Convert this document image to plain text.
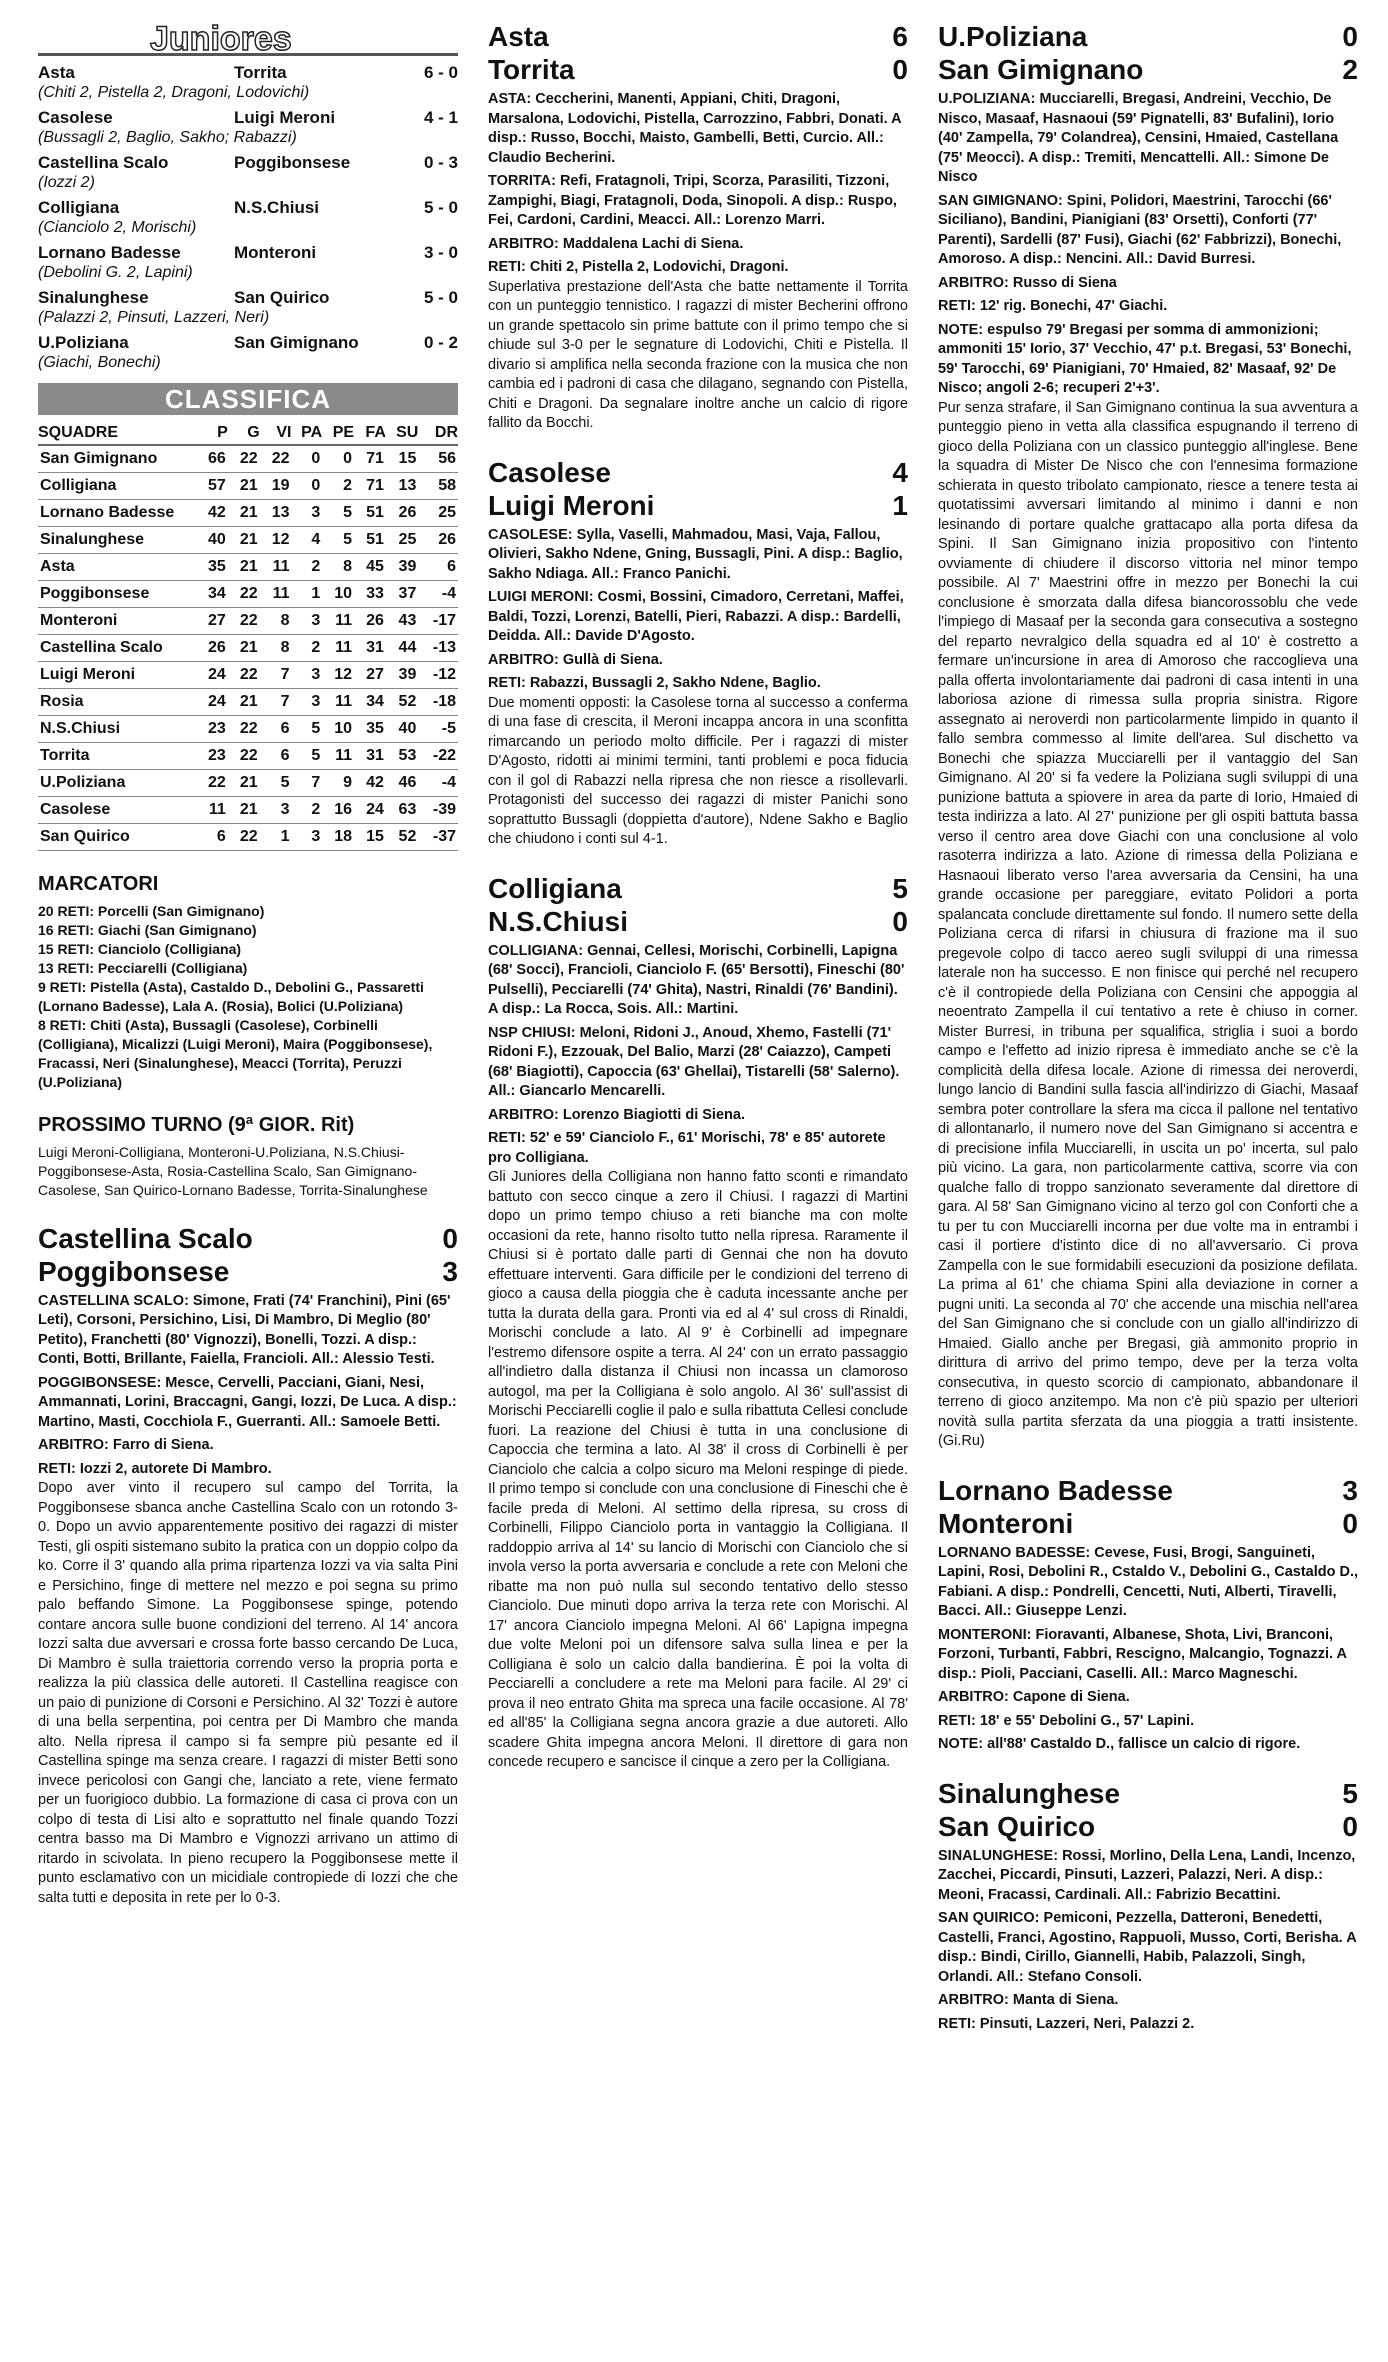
Juniores
Asta	Torrita	6 - 0
(Chiti 2, Pistella 2, Dragoni, Lodovichi)
Casolese	Luigi Meroni	4 - 1
(Bussagli 2, Baglio, Sakho; Rabazzi)
Castellina Scalo	Poggibonsese	0 - 3
(Iozzi 2)
Colligiana	N.S.Chiusi	5 - 0
(Cianciolo 2, Morischi)
Lornano Badesse	Monteroni	3 - 0
(Debolini G. 2, Lapini)
Sinalunghese	San Quirico	5 - 0
(Palazzi 2, Pinsuti, Lazzeri, Neri)
U.Poliziana	San Gimignano	0 - 2
(Giachi, Bonechi)
CLASSIFICA
SQUADRE	P	G	VI	PA	PE	FA	SU	DR
San Gimignano	66	22	22	0	0	71	15	56
Colligiana	57	21	19	0	2	71	13	58
Lornano Badesse	42	21	13	3	5	51	26	25
Sinalunghese	40	21	12	4	5	51	25	26
Asta	35	21	11	2	8	45	39	6
Poggibonsese	34	22	11	1	10	33	37	-4
Monteroni	27	22	8	3	11	26	43	-17
Castellina Scalo	26	21	8	2	11	31	44	-13
Luigi Meroni	24	22	7	3	12	27	39	-12
Rosia	24	21	7	3	11	34	52	-18
N.S.Chiusi	23	22	6	5	10	35	40	-5
Torrita	23	22	6	5	11	31	53	-22
U.Poliziana	22	21	5	7	9	42	46	-4
Casolese	11	21	3	2	16	24	63	-39
San Quirico	6	22	1	3	18	15	52	-37
MARCATORI
20 RETI: Porcelli (San Gimignano)
16 RETI: Giachi (San Gimignano)
15 RETI: Cianciolo (Colligiana)
13 RETI: Pecciarelli (Colligiana)
9 RETI: Pistella (Asta), Castaldo D., Debolini G., Passaretti (Lornano Badesse), Lala A. (Rosia), Bolici (U.Poliziana)
8 RETI: Chiti (Asta), Bussagli (Casolese), Corbinelli (Colligiana), Micalizzi (Luigi Meroni), Maira (Poggibonsese), Fracassi, Neri (Sinalunghese), Meacci (Torrita), Peruzzi (U.Poliziana)
PROSSIMO TURNO (9ª GIOR. Rit)
Luigi Meroni-Colligiana, Monteroni-U.Poliziana, N.S.Chiusi-Poggibonsese-Asta, Rosia-Castellina Scalo, San Gimignano-Casolese, San Quirico-Lornano Badesse, Torrita-Sinalunghese
Castellina Scalo	0
Poggibonsese	3
CASTELLINA SCALO: Simone, Frati (74' Franchini), Pini (65' Leti), Corsoni, Persichino, Lisi, Di Mambro, Di Meglio (80' Petito), Franchetti (80' Vignozzi), Bonelli, Tozzi. A disp.: Conti, Botti, Brillante, Faiella, Francioli. All.: Alessio Testi.
POGGIBONSESE: Mesce, Cervelli, Pacciani, Giani, Nesi, Ammannati, Lorini, Braccagni, Gangi, Iozzi, De Luca. A disp.: Martino, Masti, Cocchiola F., Guerranti. All.: Samoele Betti.
ARBITRO: Farro di Siena.
RETI: Iozzi 2, autorete Di Mambro.
Dopo aver vinto il recupero sul campo del Torrita, la Poggibonsese sbanca anche Castellina Scalo con un rotondo 3-0. Dopo un avvio apparentemente positivo dei ragazzi di mister Testi, gli ospiti sistemano subito la pratica con un doppio colpo da ko. Corre il 3' quando alla prima ripartenza Iozzi va via salta Pini e Persichino, finge di mettere nel mezzo e poi segna su primo palo beffando Simone. La Poggibonsese spinge, potendo contare ancora sulle buone condizioni del terreno. Al 14' ancora Iozzi salta due avversari e crossa forte basso cercando De Luca, Di Mambro è sulla traiettoria correndo verso la propria porta e realizza la più classica delle autoreti. Il Castellina reagisce con un paio di punizione di Corsoni e Persichino. Al 32' Tozzi è autore di una bella serpentina, poi centra per Di Mambro che manda alto. Nella ripresa il campo si fa sempre più pesante ed il Castellina spinge ma senza creare. I ragazzi di mister Betti sono invece pericolosi con Gangi che, lanciato a rete, viene fermato per un fuorigioco dubbio. La formazione di casa ci prova con un colpo di testa di Lisi alto e soprattutto nel finale quando Tozzi centra basso ma Di Mambro e Vignozzi arrivano un attimo di ritardo in scivolata. In pieno recupero la Poggibonsese mette il punto esclamativo con un micidiale contropiede di Iozzi che che salta tutti e deposita in rete per lo 0-3.
Asta	6
Torrita	0
ASTA: Ceccherini, Manenti, Appiani, Chiti, Dragoni, Marsalona, Lodovichi, Pistella, Carrozzino, Fabbri, Donati. A disp.: Russo, Bocchi, Maisto, Gambelli, Betti, Curcio. All.: Claudio Becherini.
TORRITA: Refi, Fratagnoli, Tripi, Scorza, Parasiliti, Tizzoni, Zampighi, Biagi, Fratagnoli, Doda, Sinopoli. A disp.: Ruspo, Fei, Cardoni, Cardini, Meacci. All.: Lorenzo Marri.
ARBITRO: Maddalena Lachi di Siena.
RETI: Chiti 2, Pistella 2, Lodovichi, Dragoni.
Superlativa prestazione dell'Asta che batte nettamente il Torrita con un punteggio tennistico. I ragazzi di mister Becherini offrono un grande spettacolo sin prime battute con il primo tempo che si chiude sul 3-0 per le segnature di Lodovichi, Chiti e Pistella. Il divario si amplifica nella seconda frazione con la musica che non cambia ed i padroni di casa che dilagano, segnando con Pistella, Chiti e Dragoni. Da segnalare inoltre anche un calcio di rigore fallito da Bocchi.
Casolese	4
Luigi Meroni	1
CASOLESE: Sylla, Vaselli, Mahmadou, Masi, Vaja, Fallou, Olivieri, Sakho Ndene, Gning, Bussagli, Pini. A disp.: Baglio, Sakho Ndiaga. All.: Franco Panichi.
LUIGI MERONI: Cosmi, Bossini, Cimadoro, Cerretani, Maffei, Baldi, Tozzi, Lorenzi, Batelli, Pieri, Rabazzi. A disp.: Bardelli, Deidda. All.: Davide D'Agosto.
ARBITRO: Gullà di Siena.
RETI: Rabazzi, Bussagli 2, Sakho Ndene, Baglio.
Due momenti opposti: la Casolese torna al successo a conferma di una fase di crescita, il Meroni incappa ancora in una sconfitta rimarcando un periodo molto difficile. Per i ragazzi di mister D'Agosto, ridotti ai minimi termini, tanti problemi e poca fiducia con il gol di Rabazzi nella ripresa che non riesce a risollevarli. Protagonisti del successo dei ragazzi di mister Panichi sono soprattutto Bussagli (doppietta d'autore), Ndene Sakho e Baglio che chiudono i conti sul 4-1.
Colligiana	5
N.S.Chiusi	0
COLLIGIANA: Gennai, Cellesi, Morischi, Corbinelli, Lapigna (68' Socci), Francioli, Cianciolo F. (65' Bersotti), Fineschi (80' Pulselli), Pecciarelli (74' Ghita), Nastri, Rinaldi (76' Bandini). A disp.: La Rocca, Sois. All.: Martini.
NSP CHIUSI: Meloni, Ridoni J., Anoud, Xhemo, Fastelli (71' Ridoni F.), Ezzouak, Del Balio, Marzi (28' Caiazzo), Campeti (68' Biagiotti), Capoccia (63' Ghellai), Tistarelli (58' Salerno). All.: Giancarlo Mencarelli.
ARBITRO: Lorenzo Biagiotti di Siena.
RETI: 52' e 59' Cianciolo F., 61' Morischi, 78' e 85' autorete pro Colligiana.
Gli Juniores della Colligiana non hanno fatto sconti e rimandato battuto con secco cinque a zero il Chiusi. I ragazzi di Martini dopo un primo tempo chiuso a reti bianche ma con molte occasioni da rete, hanno risolto tutto nella ripresa. Raramente il Chiusi si è portato dalle parti di Gennai che non ha dovuto effettuare interventi. Gara difficile per le condizioni del terreno di gioco a causa della pioggia che è caduta incessante anche per tutta la durata della gara. Pronti via ed al 4' sul cross di Rinaldi, Morischi conclude a lato. Al 9' è Corbinelli ad impegnare l'estremo difensore ospite a terra. Al 24' con un errato passaggio all'indietro dalla distanza il Chiusi non incassa un clamoroso autogol, ma per la Colligiana è solo angolo. Al 36' sull'assist di Morischi Pecciarelli coglie il palo e sulla ribattuta Cellesi conclude fuori. La reazione del Chiusi è tutta in una conclusione di Capoccia che termina a lato. Al 38' il cross di Corbinelli è per Cianciolo che calcia a colpo sicuro ma Meloni respinge di piede. Il primo tempo si conclude con una conclusione di Fineschi che è facile preda di Meloni. Al settimo della ripresa, su cross di Corbinelli, Filippo Cianciolo porta in vantaggio la Colligiana. Il raddoppio arriva al 14' su lancio di Morischi con Cianciolo che si invola verso la porta avversaria e conclude a rete con Meloni che ribatte ma non può nulla sul secondo tentativo dello stesso Cianciolo. Due minuti dopo arriva la terza rete con Morischi. Al 17' ancora Cianciolo impegna Meloni. Al 66' Lapigna impegna due volte Meloni poi un difensore salva sulla linea e per la Colligiana è solo un calcio dalla bandierina. È poi la volta di Pecciarelli a concludere a rete ma Meloni para facile. Al 29' ci prova il neo entrato Ghita ma spreca una facile occasione. Al 78' ed all'85' la Colligiana segna ancora grazie a due autoreti. Allo scadere Ghita impegna ancora Meloni. Il direttore di gara non concede recupero e sancisce il cinque a zero per la Colligiana.
U.Poliziana	0
San Gimignano	2
U.POLIZIANA: Mucciarelli, Bregasi, Andreini, Vecchio, De Nisco, Masaaf, Hasnaoui (59' Pignatelli, 83' Bufalini), Iorio (40' Zampella, 79' Colandrea), Censini, Hmaied, Castellana (75' Meocci). A disp.: Tremiti, Mencattelli. All.: Simone De Nisco
SAN GIMIGNANO: Spini, Polidori, Maestrini, Tarocchi (66' Siciliano), Bandini, Pianigiani (83' Orsetti), Conforti (77' Parenti), Sardelli (87' Fusi), Giachi (62' Fabbrizzi), Bonechi, Amoroso. A disp.: Nencini. All.: David Burresi.
ARBITRO: Russo di Siena
RETI: 12' rig. Bonechi, 47' Giachi.
NOTE: espulso 79' Bregasi per somma di ammonizioni; ammoniti 15' Iorio, 37' Vecchio, 47' p.t. Bregasi, 53' Bonechi, 59' Tarocchi, 69' Pianigiani, 70' Hmaied, 82' Masaaf, 92' De Nisco; angoli 2-6; recuperi 2'+3'.
Pur senza strafare, il San Gimignano continua la sua avventura a punteggio pieno in vetta alla classifica espugnando il terreno di gioco della Poliziana con un classico punteggio all'inglese. Bene la squadra di Mister De Nisco che con l'ennesima formazione schierata in questo tribolato campionato, riesce a tenere testa ai quotatissimi avversari limitando al minimo i danni e non lesinando di portare qualche grattacapo alla porta difesa da Spini. Il San Gimignano inizia propositivo con l'intento ovviamente di chiudere il discorso vittoria nel minor tempo possibile. Al 7' Maestrini offre in mezzo per Bonechi la cui conclusione è smorzata dalla difesa biancorossoblu che vede l'impiego di Masaaf per la seconda gara consecutiva a sostegno del reparto nevralgico della squadra ed al 10' è costretto a fermare un'incursione in area di Amoroso che raccoglieva una palla offerta involontariamente dai padroni di casa intenti in una laboriosa azione di rimessa sulla propria sinistra. Rigore assegnato ai neroverdi non particolarmente limpido in quanto il fallo sembra commesso al limite dell'area. Sul dischetto va Bonechi che spiazza Mucciarelli per il vantaggio del San Gimignano. Al 20' si fa vedere la Poliziana sugli sviluppi di una punizione battuta a spiovere in area da parte di Iorio, Hmaied di testa indirizza a lato. Al 27' punizione per gli ospiti battuta bassa verso il centro area dove Giachi con una conclusione al volo rasoterra indirizza a lato. Azione di rimessa della Poliziana e Hasnaoui liberato verso l'area avversaria da Censini, ha una grande occasione per pareggiare, evitato Polidori a porta spalancata conclude direttamente sul fondo. Il numero sette della Poliziana cerca di rifarsi in chiusura di frazione ma il suo pregevole colpo di tacco aereo sugli sviluppi di una rimessa laterale non ha successo. E non finisce qui perché nel recupero c'è il contropiede della Poliziana con Censini che appoggia al neoentrato Zampella il cui tentativo a rete è chiuso in corner. Mister Burresi, in tribuna per squalifica, striglia i suoi a bordo campo e l'effetto ad inizio ripresa è immediato anche se c'è la complicità della difesa locale. Azione di rimessa dei neroverdi, lungo lancio di Bandini sulla fascia all'indirizzo di Giachi, Masaaf sembra poter controllare la sfera ma cicca il pallone nel tentativo di allontanarlo, il numero nove del San Gimignano si accentra e di precisione infila Mucciarelli, in uscita un po' incerta, sul palo più vicino. La gara, non particolarmente cattiva, scorre via con qualche fallo di troppo sanzionato severamente dal direttore di gara. Al 58' San Gimignano vicino al terzo gol con Conforti che a tu per tu con Mucciarelli incorna per due volte ma in entrambi i casi il portiere d'istinto dice di no all'avversario. Ci prova Zampella con le sue formidabili esecuzioni da posizione defilata. La prima al 61' che chiama Spini alla deviazione in corner a pugni uniti. La seconda al 70' che accende una mischia nell'area del San Gimignano che si conclude con un giallo all'indirizzo di Hmaied. Giallo anche per Bregasi, già ammonito proprio in dirittura di arrivo del primo tempo, deve per la terza volta consecutiva, in questo scorcio di campionato, abbandonare il terreno di gioco anzitempo. Ma non c'è più spazio per ulteriori novità sulla partita sferzata da una pioggia a tratti insistente. (Gi.Ru)
Lornano Badesse	3
Monteroni	0
LORNANO BADESSE: Cevese, Fusi, Brogi, Sanguineti, Lapini, Rosi, Debolini R., Cstaldo V., Debolini G., Castaldo D., Fabiani. A disp.: Pondrelli, Cencetti, Nuti, Alberti, Tiravelli, Bacci. All.: Giuseppe Lenzi.
MONTERONI: Fioravanti, Albanese, Shota, Livi, Branconi, Forzoni, Turbanti, Fabbri, Rescigno, Malcangio, Tognazzi. A disp.: Pioli, Pacciani, Caselli. All.: Marco Magneschi.
ARBITRO: Capone di Siena.
RETI: 18' e 55' Debolini G., 57' Lapini.
NOTE: all'88' Castaldo D., fallisce un calcio di rigore.
Sinalunghese	5
San Quirico	0
SINALUNGHESE: Rossi, Morlino, Della Lena, Landi, Incenzo, Zacchei, Piccardi, Pinsuti, Lazzeri, Palazzi, Neri. A disp.: Meoni, Fracassi, Cardinali. All.: Fabrizio Becattini.
SAN QUIRICO: Pemiconi, Pezzella, Datteroni, Benedetti, Castelli, Franci, Agostino, Rappuoli, Musso, Corti, Berisha. A disp.: Bindi, Cirillo, Giannelli, Habib, Palazzoli, Singh, Orlandi. All.: Stefano Consoli.
ARBITRO: Manta di Siena.
RETI: Pinsuti, Lazzeri, Neri, Palazzi 2.
